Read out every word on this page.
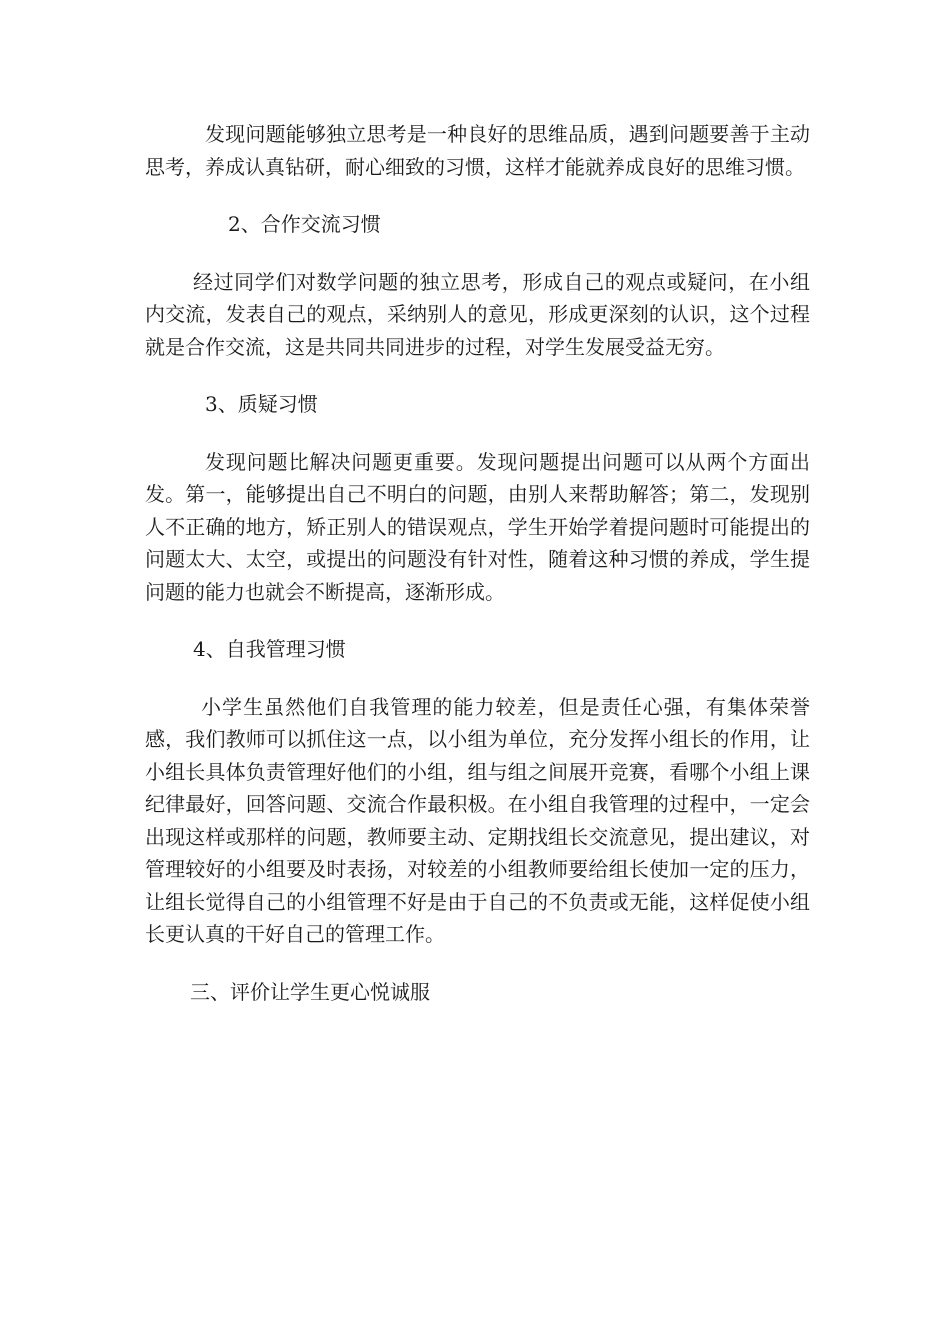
发现问题能够独立思考是一种良好的思维品质，遇到问题要善于主动思考，养成认真钻研，耐心细致的习惯，这样才能就养成良好的思维习惯。

2、合作交流习惯

经过同学们对数学问题的独立思考，形成自己的观点或疑问，在小组内交流，发表自己的观点，采纳别人的意见，形成更深刻的认识，这个过程就是合作交流，这是共同共同进步的过程，对学生发展受益无穷。

3、质疑习惯

发现问题比解决问题更重要。发现问题提出问题可以从两个方面出发。第一，能够提出自己不明白的问题，由别人来帮助解答；第二，发现别人不正确的地方，矫正别人的错误观点，学生开始学着提问题时可能提出的问题太大、太空，或提出的问题没有针对性，随着这种习惯的养成，学生提问题的能力也就会不断提高，逐渐形成。

4、自我管理习惯

小学生虽然他们自我管理的能力较差，但是责任心强，有集体荣誉感，我们教师可以抓住这一点，以小组为单位，充分发挥小组长的作用，让小组长具体负责管理好他们的小组，组与组之间展开竞赛，看哪个小组上课纪律最好，回答问题、交流合作最积极。在小组自我管理的过程中，一定会出现这样或那样的问题，教师要主动、定期找组长交流意见，提出建议，对管理较好的小组要及时表扬，对较差的小组教师要给组长使加一定的压力，让组长觉得自己的小组管理不好是由于自己的不负责或无能，这样促使小组长更认真的干好自己的管理工作。

三、评价让学生更心悦诚服
